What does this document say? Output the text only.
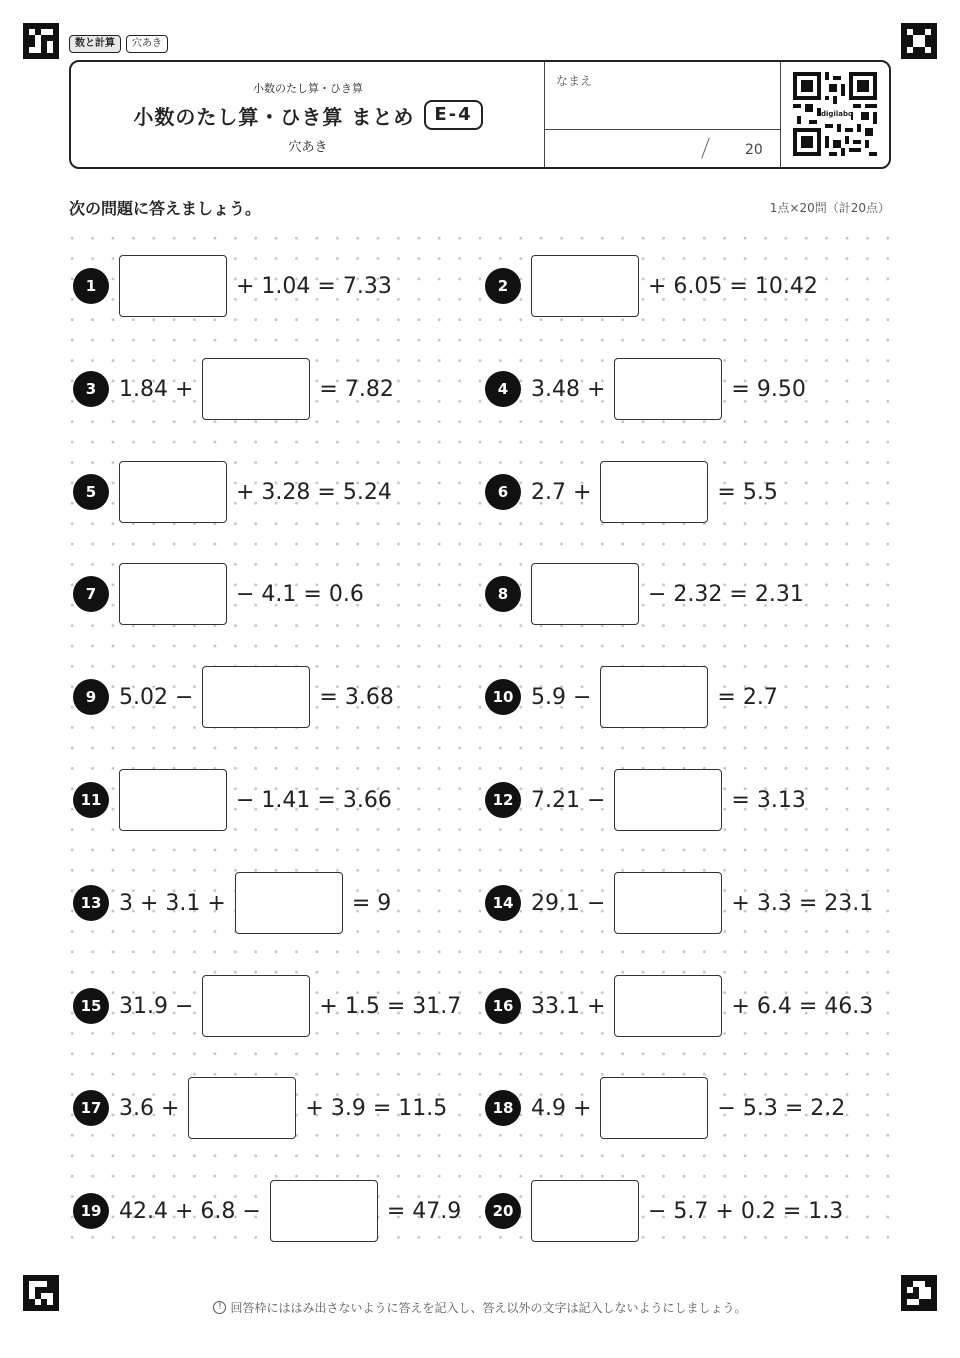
数と計算	穴あき
小数のたし算・ひき算
小数のたし算・ひき算 まとめ	E-4
穴あき
なまえ
20
digilabo
次の問題に答えましょう。	1点×20問（計20点）
1	+ 1.04 = 7.33	2	+ 6.05 = 10.42
3	1.84 +	= 7.82	4	3.48 +	= 9.50
5	+ 3.28 = 5.24	6	2.7 +	= 5.5
7	− 4.1 = 0.6	8	− 2.32 = 2.31
9	5.02 −	= 3.68	10 5.9 −	= 2.7
11	− 1.41 = 3.66	12 7.21 −	= 3.13
13 3 + 3.1 +	= 9	14 29.1 −	+ 3.3 = 23.1
15 31.9 −	+ 1.5 = 31.7	16 33.1 +	+ 6.4 = 46.3
17 3.6 +	+ 3.9 = 11.5	18 4.9 +	− 5.3 = 2.2
19 42.4 + 6.8 −	= 47.9	20	− 5.7 + 0.2 = 1.3
! 回答枠にははみ出さないように答えを記入し、答え以外の文字は記入しないようにしましょう。
